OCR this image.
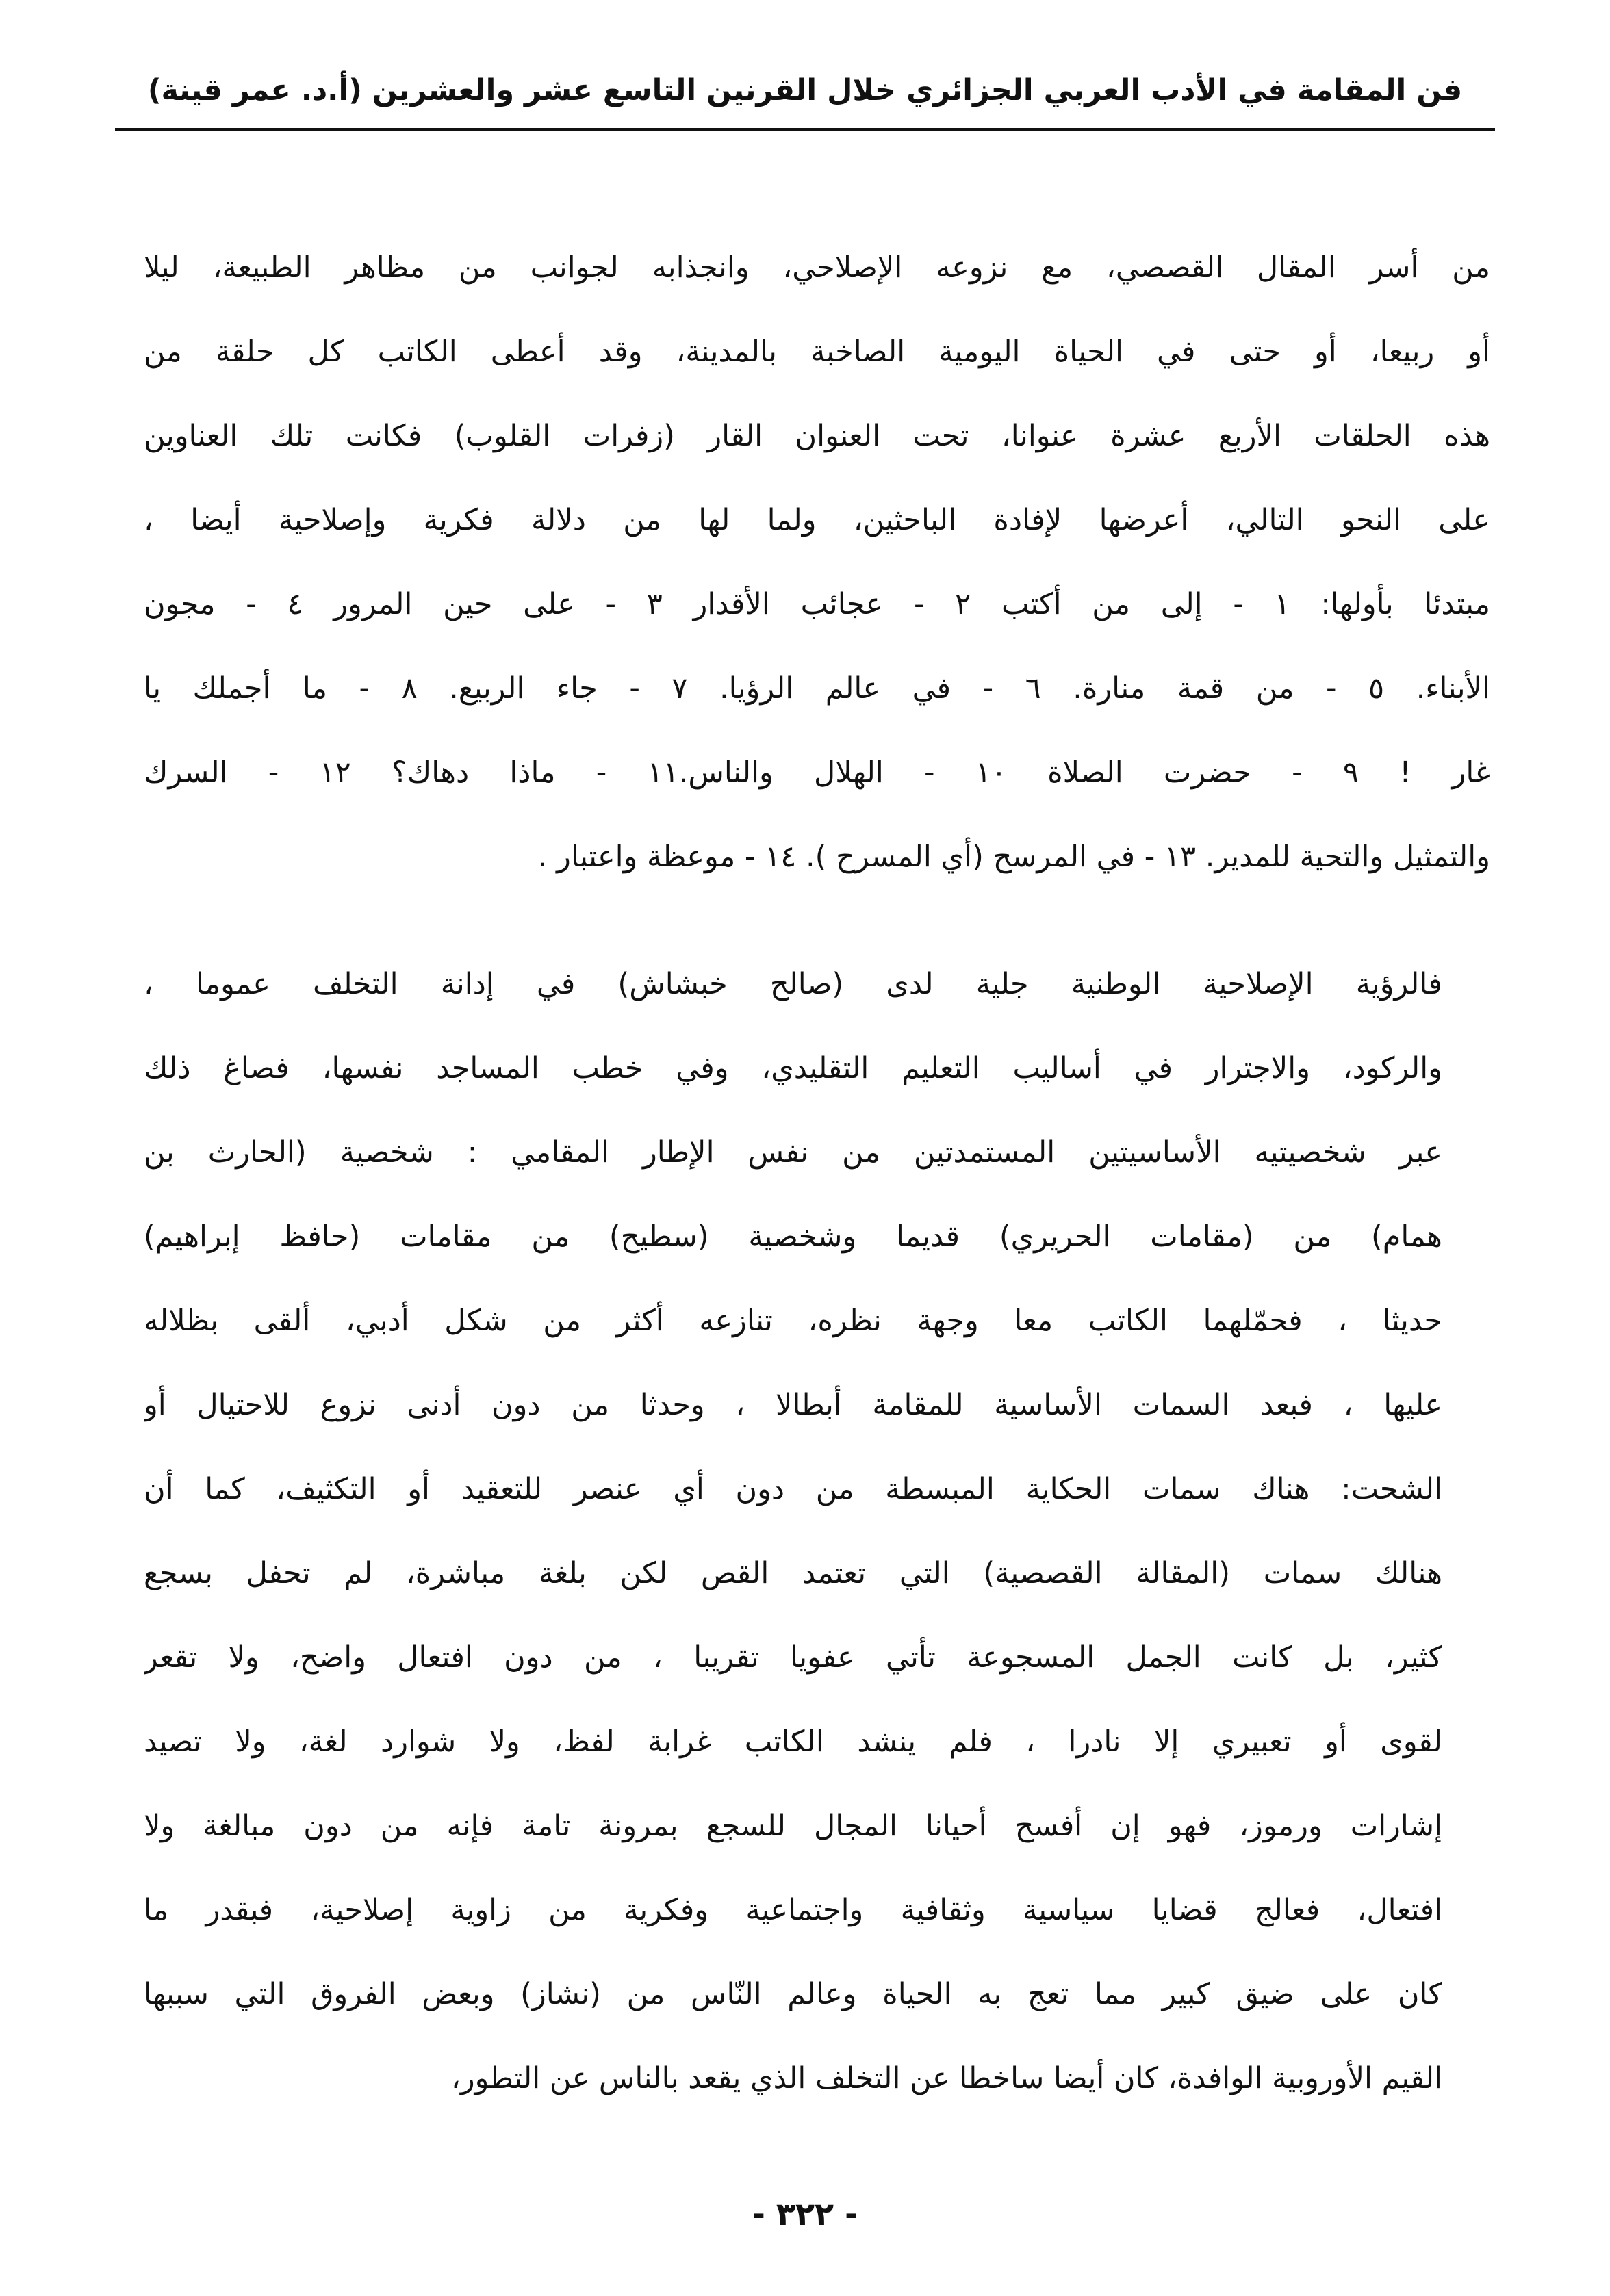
فن المقامة في الأدب العربي الجزائري خلال القرنين التاسع عشر والعشرين (أ.د. عمر قينة)

من أسر المقال القصصي، مع نزوعه الإصلاحي، وانجذابه لجوانب من مظاهر الطبيعة، ليلا
أو ربيعا، أو حتى في الحياة اليومية الصاخبة بالمدينة، وقد أعطى الكاتب كل حلقة من
هذه الحلقات الأربع عشرة عنوانا، تحت العنوان القار (زفرات القلوب) فكانت تلك العناوين
على النحو التالي، أعرضها لإفادة الباحثين، ولما لها من دلالة فكرية وإصلاحية أيضا ،
مبتدئا بأولها: ١ - إلى من أكتب ٢ - عجائب الأقدار ٣ - على حين المرور ٤ - مجون
الأبناء. ٥ - من قمة منارة. ٦ - في عالم الرؤيا. ٧ - جاء الربيع. ٨ - ما أجملك يا
غار ! ٩ - حضرت الصلاة ١٠ - الهلال والناس.١١ - ماذا دهاك؟ ١٢ - السرك
والتمثيل والتحية للمدير. ١٣ - في المرسح (أي المسرح ). ١٤ - موعظة واعتبار .

فالرؤية الإصلاحية الوطنية جلية لدى (صالح خبشاش) في إدانة التخلف عموما ،
والركود، والاجترار في أساليب التعليم التقليدي، وفي خطب المساجد نفسها، فصاغ ذلك
عبر شخصيتيه الأساسيتين المستمدتين من نفس الإطار المقامي : شخصية (الحارث بن
همام) من (مقامات الحريري) قديما وشخصية (سطيح) من مقامات (حافظ إبراهيم)
حديثا ، فحمّلهما الكاتب معا وجهة نظره، تنازعه أكثر من شكل أدبي، ألقى بظلاله
عليها ، فبعد السمات الأساسية للمقامة أبطالا ، وحدثا من دون أدنى نزوع للاحتيال أو
الشحت: هناك سمات الحكاية المبسطة من دون أي عنصر للتعقيد أو التكثيف، كما أن
هنالك سمات (المقالة القصصية) التي تعتمد القص لكن بلغة مباشرة، لم تحفل بسجع
كثير، بل كانت الجمل المسجوعة تأتي عفويا تقريبا ، من دون افتعال واضح، ولا تقعر
لقوى أو تعبيري إلا نادرا ، فلم ينشد الكاتب غرابة لفظ، ولا شوارد لغة، ولا تصيد
إشارات ورموز، فهو إن أفسح أحيانا المجال للسجع بمرونة تامة فإنه من دون مبالغة ولا
افتعال، فعالج قضايا سياسية وثقافية واجتماعية وفكرية من زاوية إصلاحية، فبقدر ما
كان على ضيق كبير مما تعج به الحياة وعالم النّاس من (نشاز) وبعض الفروق التي سببها
القيم الأوروبية الوافدة، كان أيضا ساخطا عن التخلف الذي يقعد بالناس عن التطور،

- ٣٢٢ -
